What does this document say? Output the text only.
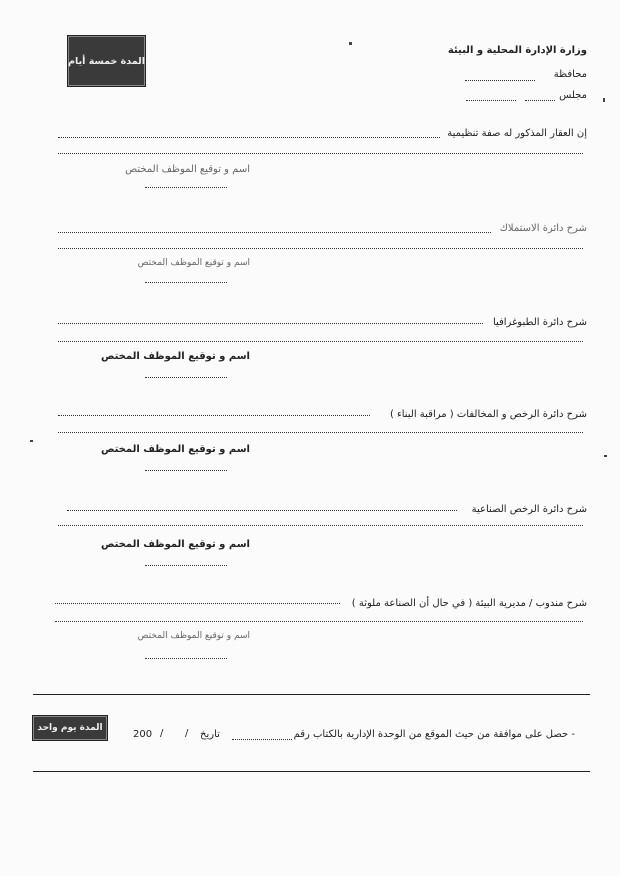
المدة خمسة أيام
وزارة الإدارة المحلية و البيئة
محافظة
مجلس
إن العقار المذكور له صفة تنظيمية
اسم و توقيع الموظف المختص
شرح دائرة الاستملاك
اسم و توقيع الموظف المختص
شرح دائرة الطبوغرافيا
اسم و توقيع الموظف المختص
شرح دائرة الرخص و المخالفات ( مراقبة البناء )
اسم و توقيع الموظف المختص
شرح دائرة الرخص الصناعية
اسم و توقيع الموظف المختص
شرح مندوب / مديرية البيئة ( في حال أن الصناعة ملوثة )
اسم و توقيع الموظف المختص
المدة يوم واحد
- حصل على موافقة من حيث الموقع من الوحدة الإدارية بالكتاب رقم
تاريخ
/
/
200
